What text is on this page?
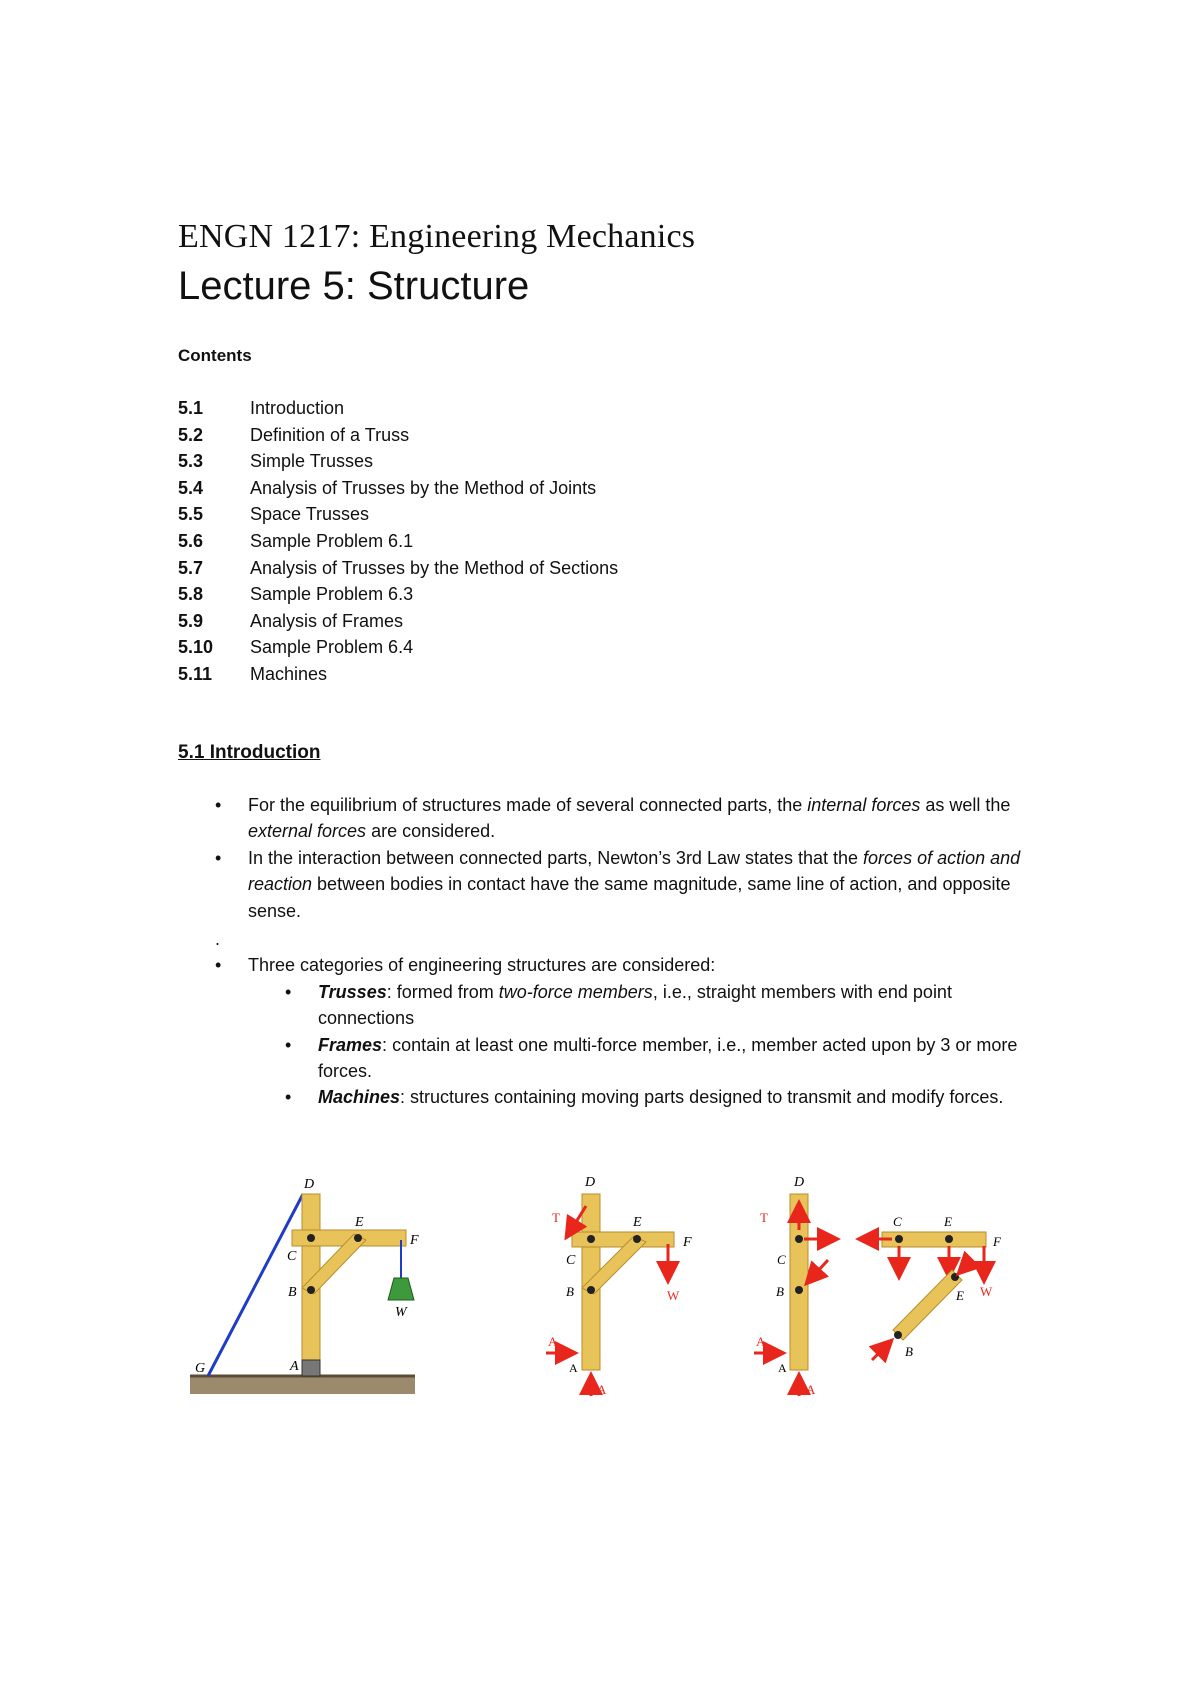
ENGN 1217: Engineering Mechanics
Lecture 5: Structure
Contents
5.1	Introduction
5.2	Definition of a Truss
5.3	Simple Trusses
5.4	Analysis of Trusses by the Method of Joints
5.5	Space Trusses
5.6	Sample Problem 6.1
5.7	Analysis of Trusses by the Method of Sections
5.8	Sample Problem 6.3
5.9	Analysis of Frames
5.10	Sample Problem 6.4
5.11	Machines
5.1 Introduction
• For the equilibrium of structures made of several connected parts, the internal forces as well the external forces are considered.
• In the interaction between connected parts, Newton’s 3rd Law states that the forces of action and reaction between bodies in contact have the same magnitude, same line of action, and opposite sense.
.

• Three categories of engineering structures are considered:
• Trusses: formed from two-force members, i.e., straight members with end point connections
• Frames: contain at least one multi-force member, i.e., member acted upon by 3 or more forces.
• Machines: structures containing moving parts designed to transmit and modify forces.
D
E
F
C
B
A
G
W
D
E
F
C
B	W
T
A
A
A
D
C
B
T
A
A
A
C	E
F
W
E
B
